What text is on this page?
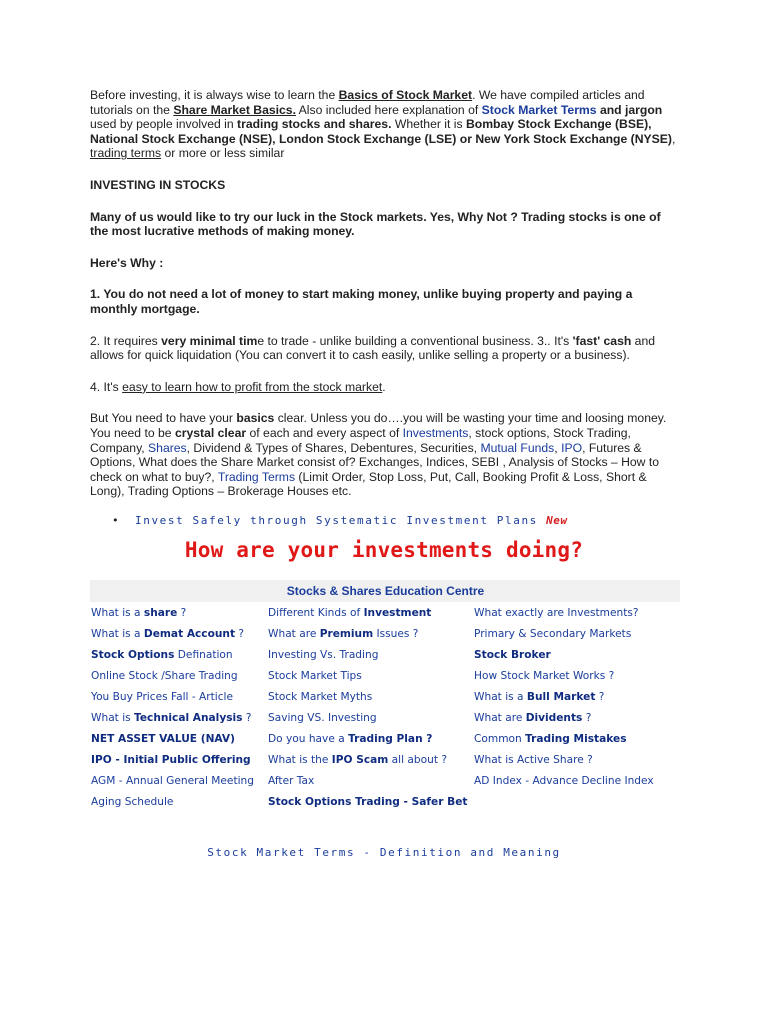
Before investing, it is always wise to learn the Basics of Stock Market. We have compiled articles and tutorials on the Share Market Basics. Also included here explanation of Stock Market Terms and jargon used by people involved in trading stocks and shares. Whether it is Bombay Stock Exchange (BSE), National Stock Exchange (NSE), London Stock Exchange (LSE) or New York Stock Exchange (NYSE), trading terms or more or less similar

INVESTING IN STOCKS

Many of us would like to try our luck in the Stock markets. Yes, Why Not ? Trading stocks is one of the most lucrative methods of making money.

Here's Why :

1. You do not need a lot of money to start making money, unlike buying property and paying a monthly mortgage.

2. It requires very minimal time to trade - unlike building a conventional business. 3.. It's 'fast' cash and allows for quick liquidation (You can convert it to cash easily, unlike selling a property or a business).

4. It's easy to learn how to profit from the stock market.

But You need to have your basics clear. Unless you do….you will be wasting your time and loosing money. You need to be crystal clear of each and every aspect of Investments, stock options, Stock Trading, Company, Shares, Dividend & Types of Shares, Debentures, Securities, Mutual Funds, IPO, Futures & Options, What does the Share Market consist of? Exchanges, Indices, SEBI , Analysis of Stocks – How to check on what to buy?, Trading Terms (Limit Order, Stop Loss, Put, Call, Booking Profit & Loss, Short & Long), Trading Options – Brokerage Houses etc.

• Invest Safely through Systematic Investment Plans New
How are your investments doing?
Stocks & Shares Education Centre		
What is a share ?	Different Kinds of Investment	What exactly are Investments?
What is a Demat Account ?	What are Premium Issues ?	Primary & Secondary Markets
Stock Options Defination	Investing Vs. Trading	Stock Broker
Online Stock /Share Trading	Stock Market Tips	How Stock Market Works ?
You Buy Prices Fall - Article	Stock Market Myths	What is a Bull Market ?
What is Technical Analysis ?	Saving VS. Investing	What are Dividents ?
NET ASSET VALUE (NAV)	Do you have a Trading Plan ?	Common Trading Mistakes
IPO - Initial Public Offering	What is the IPO Scam all about ?	What is Active Share ?
AGM - Annual General Meeting	After Tax	AD Index - Advance Decline Index
Aging Schedule	Stock Options Trading - Safer Bet	
Stock Market Terms - Definition and Meaning
